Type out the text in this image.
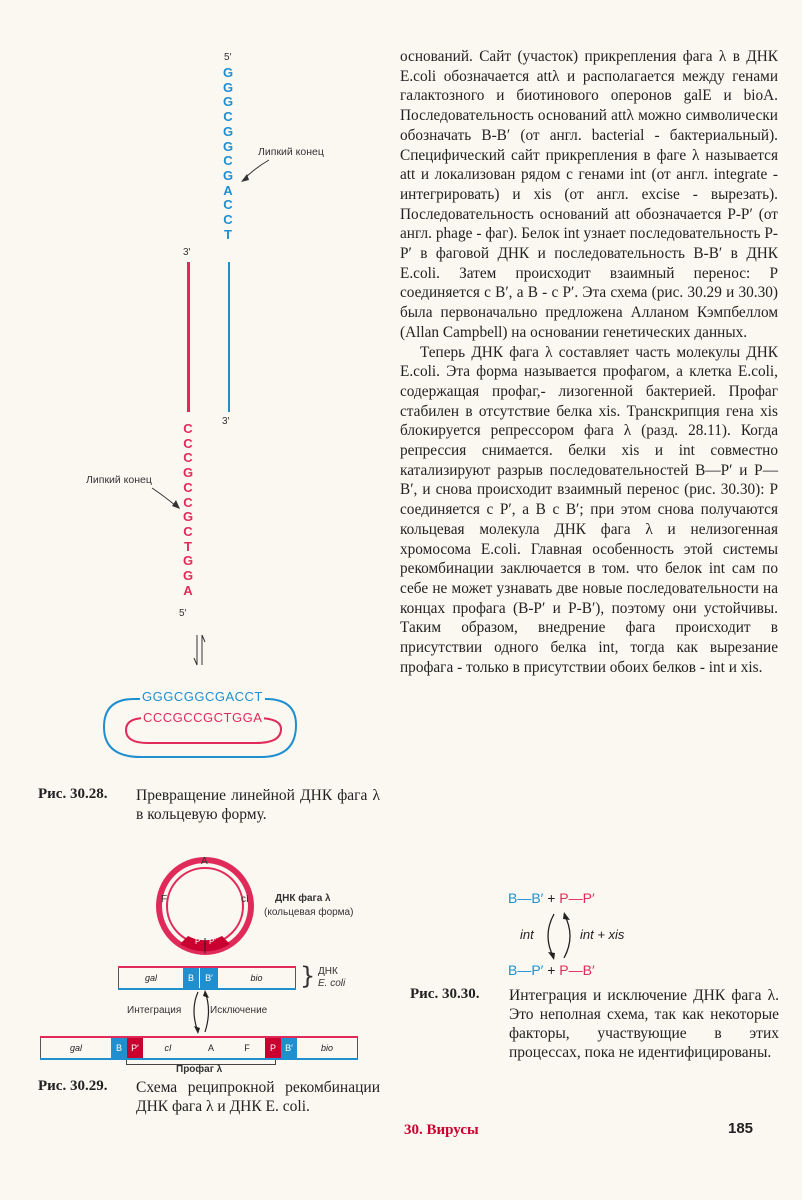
5′
G
G
G
C
G
G
C
G
A
C
C
T
3′
3′
C
C
C
G
C
C
G
C
T
G
G
A
5′
Липкий конец
Липкий конец
GGGCGGCGACCT
CCCGCCGCTGGA
Рис. 30.28. Превращение линейной ДНК фага λ в кольцевую форму.
A
F	cI
P P′
ДНК фага λ
(кольцевая форма)
gal	B	B′	bio	} ДНК
E. coli
Интеграция	Исключение
gal	B	P′	cI	A	F	P	B′	bio
Профаг λ
Рис. 30.29. Схема реципрокной рекомбинации ДНК фага λ и ДНК E. coli.

оснований. Сайт (участок) прикрепления фага λ в ДНК E.coli обозначается attλ и располагается между генами галактозного и биотинового оперонов galE и bioA. Последовательность оснований attλ можно символически обозначать B-B′ (от англ. bacterial - бактериальный). Специфический сайт прикрепления в фаге λ называется att и локализован рядом с генами int (от англ. integrate - интегрировать) и xis (от англ. excise - вырезать). Последовательность оснований att обозначается P-P′ (от англ. phage - фаг). Белок int узнает последовательность P-P′ в фаговой ДНК и последовательность B-B′ в ДНК E.coli. Затем происходит взаимный перенос: P соединяется с B′, а B - с P′. Эта схема (рис. 30.29 и 30.30) была первоначально предложена Алланом Кэмпбеллом (Allan Campbell) на основании генетических данных.

Теперь ДНК фага λ составляет часть молекулы ДНК E.coli. Эта форма называется профагом, а клетка E.coli, содержащая профаг,- лизогенной бактерией. Профаг стабилен в отсутствие белка xis. Транскрипция гена xis блокируется репрессором фага λ (разд. 28.11). Когда репрессия снимается. белки xis и int совместно катализируют разрыв последовательностей B—P′ и P—B′, и снова происходит взаимный перенос (рис. 30.30): P соединяется с P′, а B с B′; при этом снова получаются кольцевая молекула ДНК фага λ и нелизогенная хромосома E.coli. Главная особенность этой системы рекомбинации заключается в том. что белок int сам по себе не может узнавать две новые последовательности на концах профага (B-P′ и P-B′), поэтому они устойчивы. Таким образом, внедрение фага происходит в присутствии одного белка int, тогда как вырезание профага - только в присутствии обоих белков - int и xis.

B—B′ + P—P′
int	int + xis
B—P′ + P—B′
Рис. 30.30. Интеграция и исключение ДНК фага λ. Это неполная схема, так как некоторые факторы, участвующие в этих процессах, пока не идентифицированы.
30. Вирусы	185
